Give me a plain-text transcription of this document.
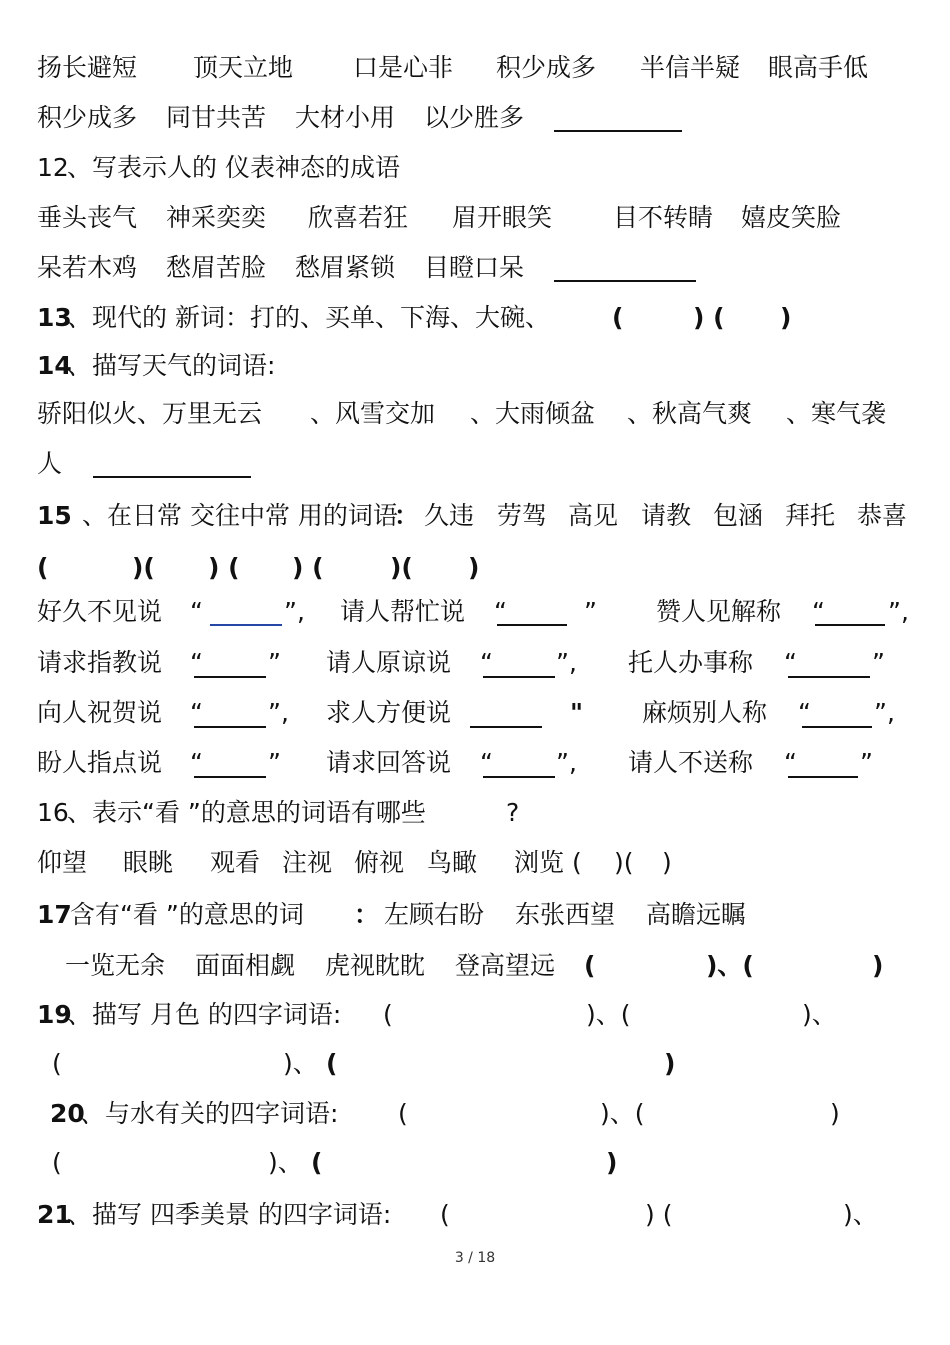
扬长避短 顶天立地 口是心非 积少成多 半信半疑 眼高手低
积少成多 同甘共苦 大材小用 以少胜多
12
、写表示人的 仪表神态的成语
垂头丧气 神采奕奕 欣喜若狂 眉开眼笑 目不转睛 嬉皮笑脸
呆若木鸡 愁眉苦脸 愁眉紧锁 目瞪口呆
13
、现代的 新词：打的、买单、下海、大碗、 (	) ( )
14
、描写天气的词语:
骄阳似火、万里无云 、风雪交加 、大雨倾盆 、秋高气爽 、寒气袭
人
15 、在日常 交往中常 用的词语
： 久违 劳驾 高见 请教 包涵 拜托 恭喜
(	)( ) ( ) (	)( )
好久不见说 “	”, 请人帮忙说 “	” 赞人见解称 “	”,
请求指教说 “	” 请人原谅说 “	”, 托人办事称 “	”
向人祝贺说 “	”, 求人方便说	" 麻烦别人称 “	”,
盼人指点说 “	” 请求回答说 “	”, 请人不送称 “	”
16
、表示“看 ”的意思的词语有哪些	?
仰望 眼眺 观看 注视 俯视 鸟瞰 浏览 ( )( )
17
含有“看 ”的意思的词 ： 左顾右盼 东张西望 高瞻远瞩
一览无余 面面相觑 虎视眈眈 登高望远 (	)、(	)
19
、描写 月色 的四字词语: (	)、(	)、
(	)、 (	)
20
、与水有关的四字词语: (	)、(	)
(	)、 (	)
21
、描写 四季美景 的四字词语: (	) (	)、
3 / 18
